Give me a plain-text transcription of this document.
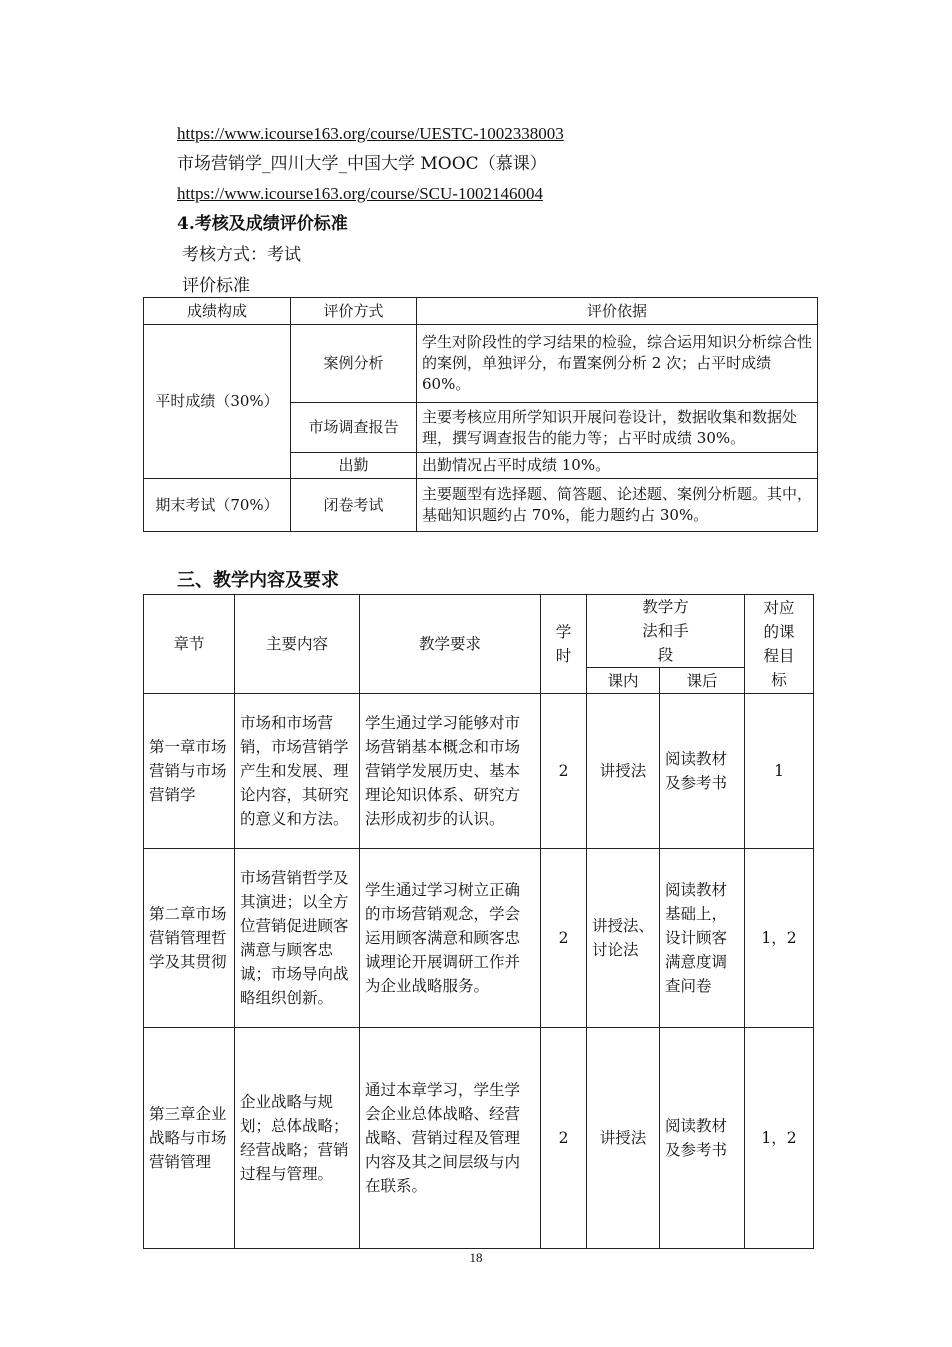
https://www.icourse163.org/course/UESTC-1002338003
市场营销学_四川大学_中国大学 MOOC（慕课）
https://www.icourse163.org/course/SCU-1002146004
4.考核及成绩评价标准
考核方式：考试
评价标准
成绩构成	评价方式	评价依据
平时成绩（30%）	案例分析	学生对阶段性的学习结果的检验，综合运用知识分析综合性的案例，单独评分，布置案例分析 2 次；占平时成绩 60%。
	市场调查报告	主要考核应用所学知识开展问卷设计，数据收集和数据处理，撰写调查报告的能力等；占平时成绩 30%。
	出勤	出勤情况占平时成绩 10%。
期末考试（70%）	闭卷考试	主要题型有选择题、简答题、论述题、案例分析题。其中，基础知识题约占 70%，能力题约占 30%。
三、教学内容及要求
章节	主要内容	教学要求	学时	教学方法和手段		对应的课程目标
				课内	课后	
第一章市场营销与市场营销学	市场和市场营销，市场营销学产生和发展、理论内容，其研究的意义和方法。	学生通过学习能够对市场营销基本概念和市场营销学发展历史、基本理论知识体系、研究方法形成初步的认识。	2	讲授法	阅读教材及参考书	1
第二章市场营销管理哲学及其贯彻	市场营销哲学及其演进；以全方位营销促进顾客满意与顾客忠诚；市场导向战略组织创新。	学生通过学习树立正确的市场营销观念，学会运用顾客满意和顾客忠诚理论开展调研工作并为企业战略服务。	2	讲授法、讨论法	阅读教材基础上，设计顾客满意度调查问卷	1，2
第三章企业战略与市场营销管理	企业战略与规划；总体战略；经营战略；营销过程与管理。	通过本章学习，学生学会企业总体战略、经营战略、营销过程及管理内容及其之间层级与内在联系。	2	讲授法	阅读教材及参考书	1，2
18
